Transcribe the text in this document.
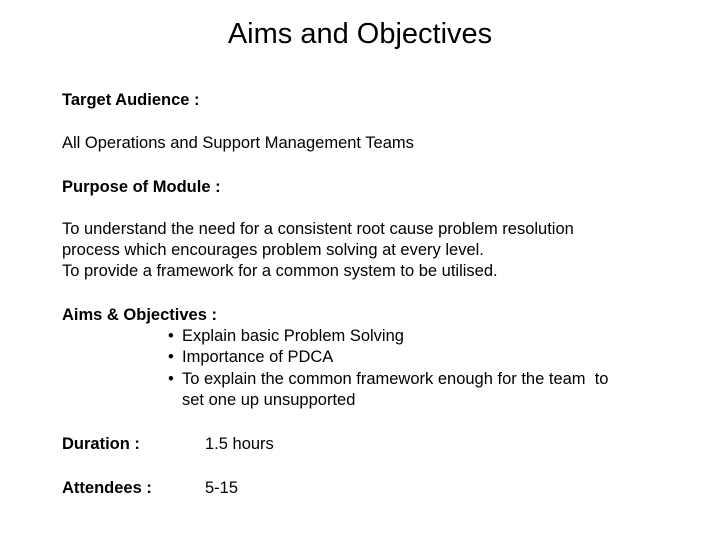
Aims and Objectives
Target Audience :
All Operations and Support Management Teams
Purpose of Module :
To understand the need for a consistent root cause problem resolution
process which encourages problem solving at every level.
To provide a framework for a common system to be utilised.
Aims & Objectives :
• Explain basic Problem Solving
• Importance of PDCA
• To explain the common framework enough for the team  to
set one up unsupported
Duration :	1.5 hours
Attendees :	5-15
